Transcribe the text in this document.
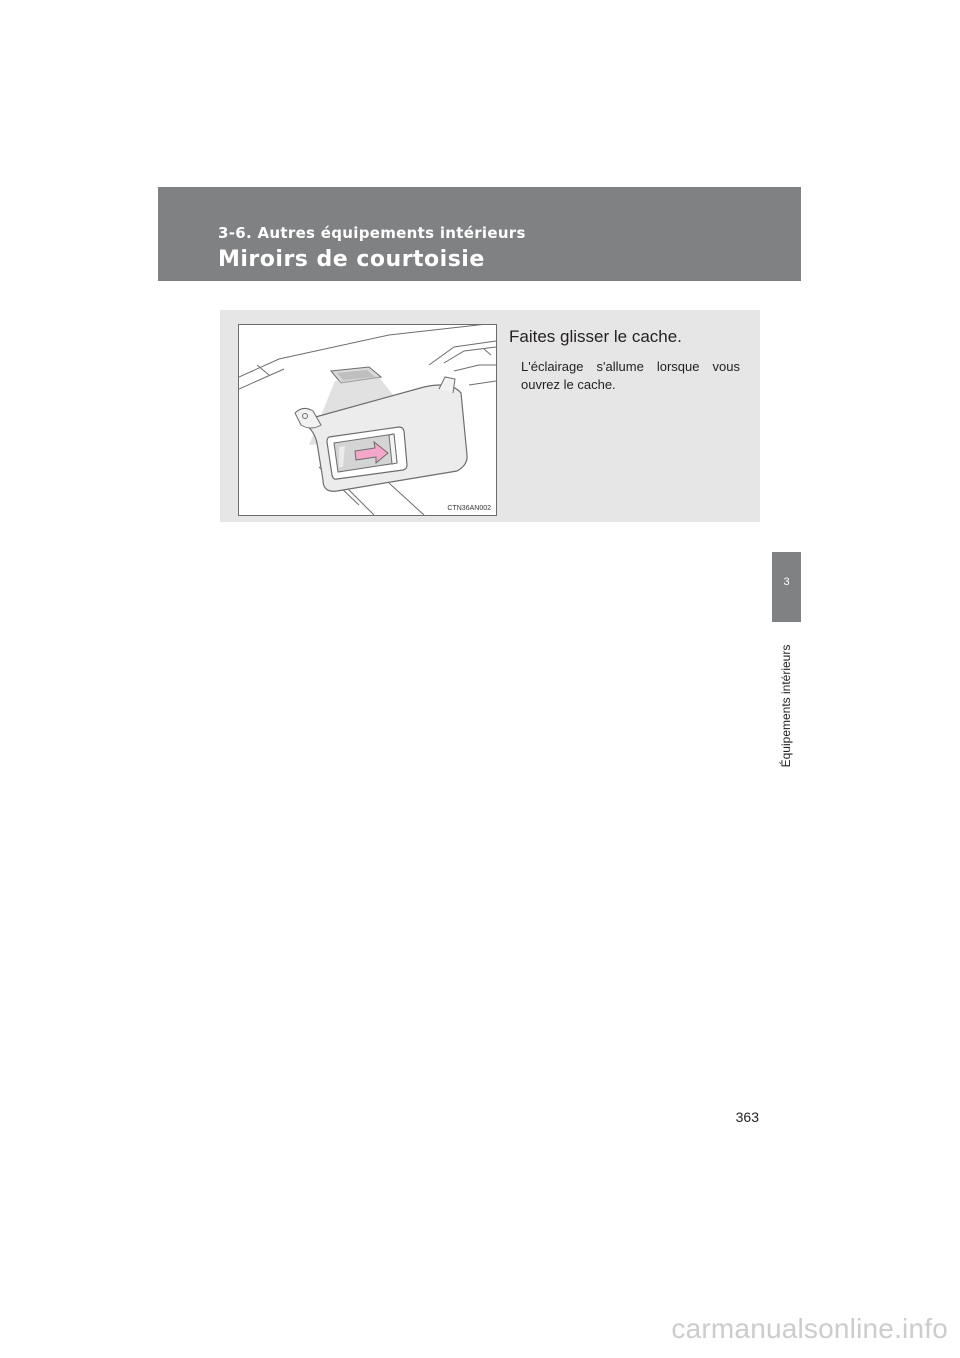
3-6. Autres équipements intérieurs
Miroirs de courtoisie
CTN36AN002
Faites glisser le cache.
L'éclairage s'allume lorsque vous ouvrez le cache.
3
Équipements intérieurs
363
carmanualsonline.info
